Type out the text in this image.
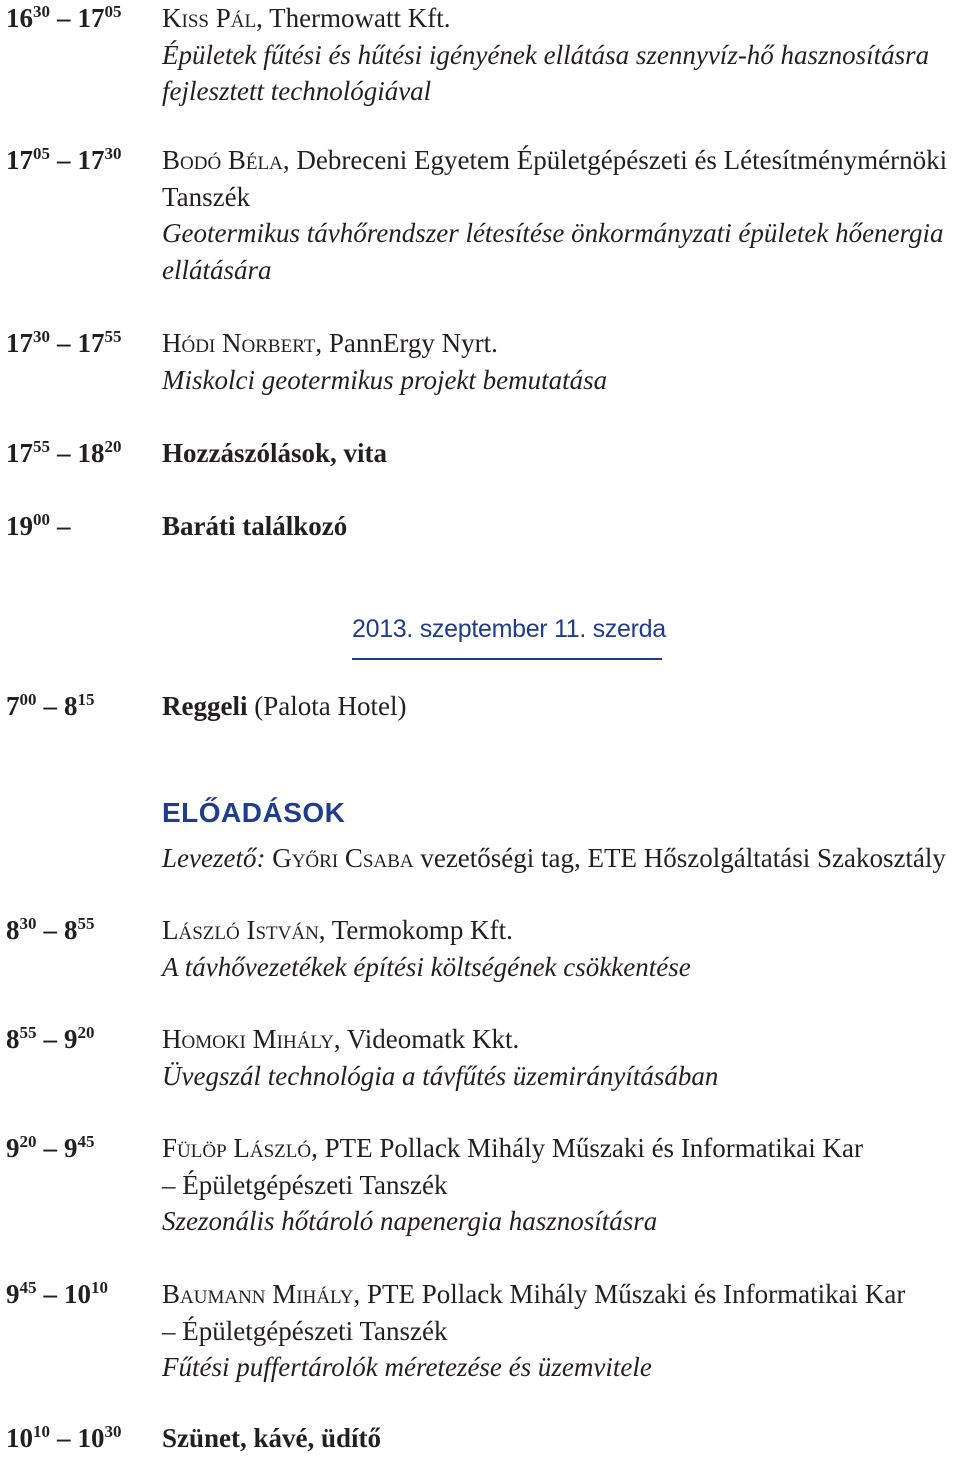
$16^{30} - 17^{05}$	Kiss Pál, Thermowatt Kft.
Épületek fűtési és hűtési igényének ellátása szennyvíz-hő hasznosításra
fejlesztett technológiával
$17^{05} - 17^{30}$	Bodó Béla, Debreceni Egyetem Épületgépészeti és Létesítménymérnöki
Tanszék
Geotermikus távhőrendszer létesítése önkormányzati épületek hőenergia
ellátására
$17^{30} - 17^{55}$	Hódi Norbert, PannErgy Nyrt.
Miskolci geotermikus projekt bemutatása
$17^{55} - 18^{20}$	Hozzászólások, vita
$19^{00}$ –	Baráti találkozó
2013. szeptember 11. szerda
$7^{00} - 8^{15}$	Reggeli (Palota Hotel)
ELŐADÁSOK
Levezető: Győri Csaba vezetőségi tag, ETE Hőszolgáltatási Szakosztály
$8^{30} - 8^{55}$	László István, Termokomp Kft.
A távhővezetékek építési költségének csökkentése
$8^{55} - 9^{20}$	Homoki Mihály, Videomatk Kkt.
Üvegszál technológia a távfűtés üzemirányításában
$9^{20} - 9^{45}$	Fülöp László, PTE Pollack Mihály Műszaki és Informatikai Kar
– Épületgépészeti Tanszék
Szezonális hőtároló napenergia hasznosításra
$9^{45} - 10^{10}$	Baumann Mihály, PTE Pollack Mihály Műszaki és Informatikai Kar
– Épületgépészeti Tanszék
Fűtési puffertárolók méretezése és üzemvitele
$10^{10} - 10^{30}$	Szünet, kávé, üdítő
